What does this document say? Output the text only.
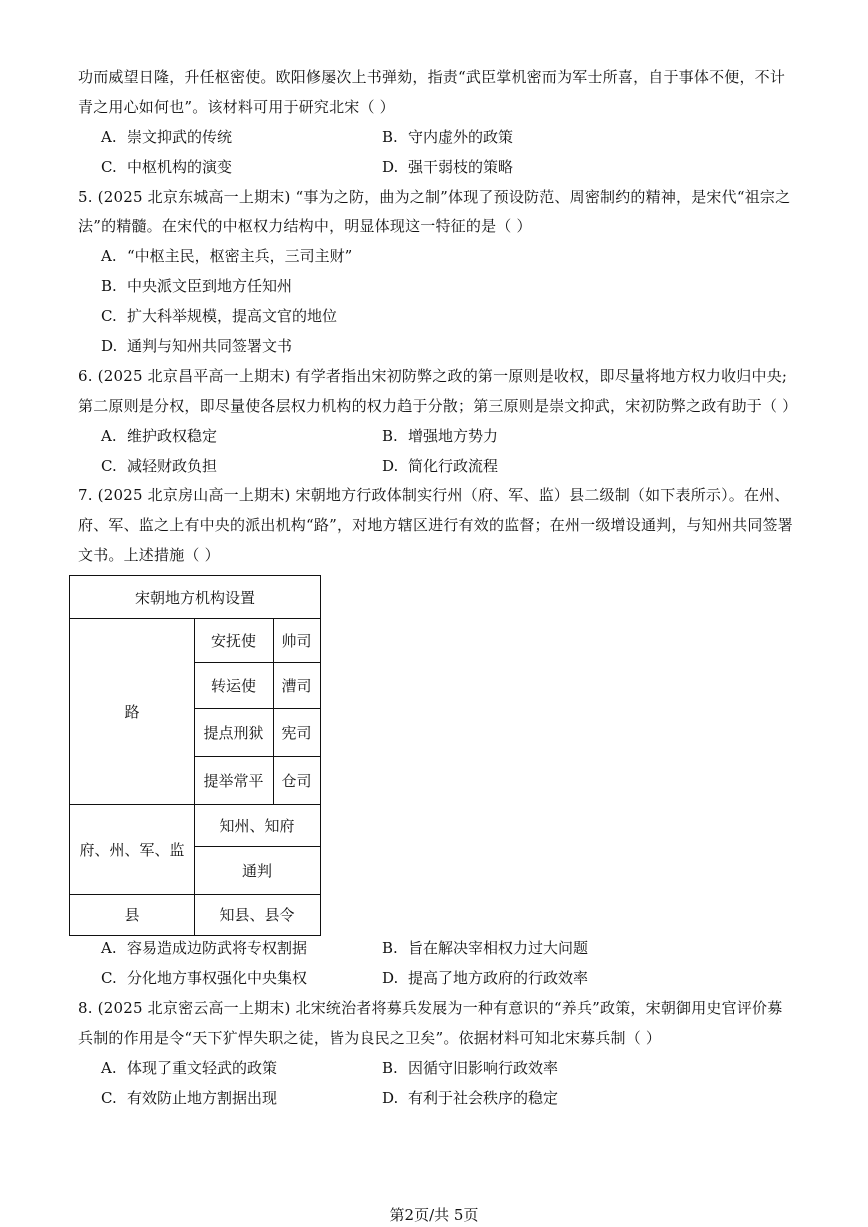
功而威望日隆，升任枢密使。欧阳修屡次上书弹劾，指责“武臣掌机密而为军士所喜，自于事体不便，不计
青之用心如何也”。该材料可用于研究北宋（ ）
A. 崇文抑武的传统	B. 守内虚外的政策
C. 中枢机构的演变	D. 强干弱枝的策略
5. (2025 北京东城高一上期末) “事为之防，曲为之制”体现了预设防范、周密制约的精神，是宋代“祖宗之
法”的精髓。在宋代的中枢权力结构中，明显体现这一特征的是（ ）
A. “中枢主民，枢密主兵，三司主财”
B. 中央派文臣到地方任知州
C. 扩大科举规模，提高文官的地位
D. 通判与知州共同签署文书
6. (2025 北京昌平高一上期末) 有学者指出宋初防弊之政的第一原则是收权，即尽量将地方权力收归中央;
第二原则是分权，即尽量使各层权力机构的权力趋于分散；第三原则是崇文抑武，宋初防弊之政有助于（ ）
A. 维护政权稳定	B. 增强地方势力
C. 减轻财政负担	D. 简化行政流程
7. (2025 北京房山高一上期末) 宋朝地方行政体制实行州（府、军、监）县二级制（如下表所示）。在州、
府、军、监之上有中央的派出机构“路”，对地方辖区进行有效的监督；在州一级增设通判，与知州共同签署
文书。上述措施（ ）
宋朝地方机构设置
路
安抚使	帅司
转运使	漕司
提点刑狱	宪司
提举常平	仓司
府、州、军、监
知州、知府
通判
县	知县、县令
A. 容易造成边防武将专权割据	B. 旨在解决宰相权力过大问题
C. 分化地方事权强化中央集权	D. 提高了地方政府的行政效率
8. (2025 北京密云高一上期末) 北宋统治者将募兵发展为一种有意识的“养兵”政策，宋朝御用史官评价募
兵制的作用是令“天下犷悍失职之徒，皆为良民之卫矣”。依据材料可知北宋募兵制（ ）
A. 体现了重文轻武的政策	B. 因循守旧影响行政效率
C. 有效防止地方割据出现	D. 有利于社会秩序的稳定
第2页/共 5页
